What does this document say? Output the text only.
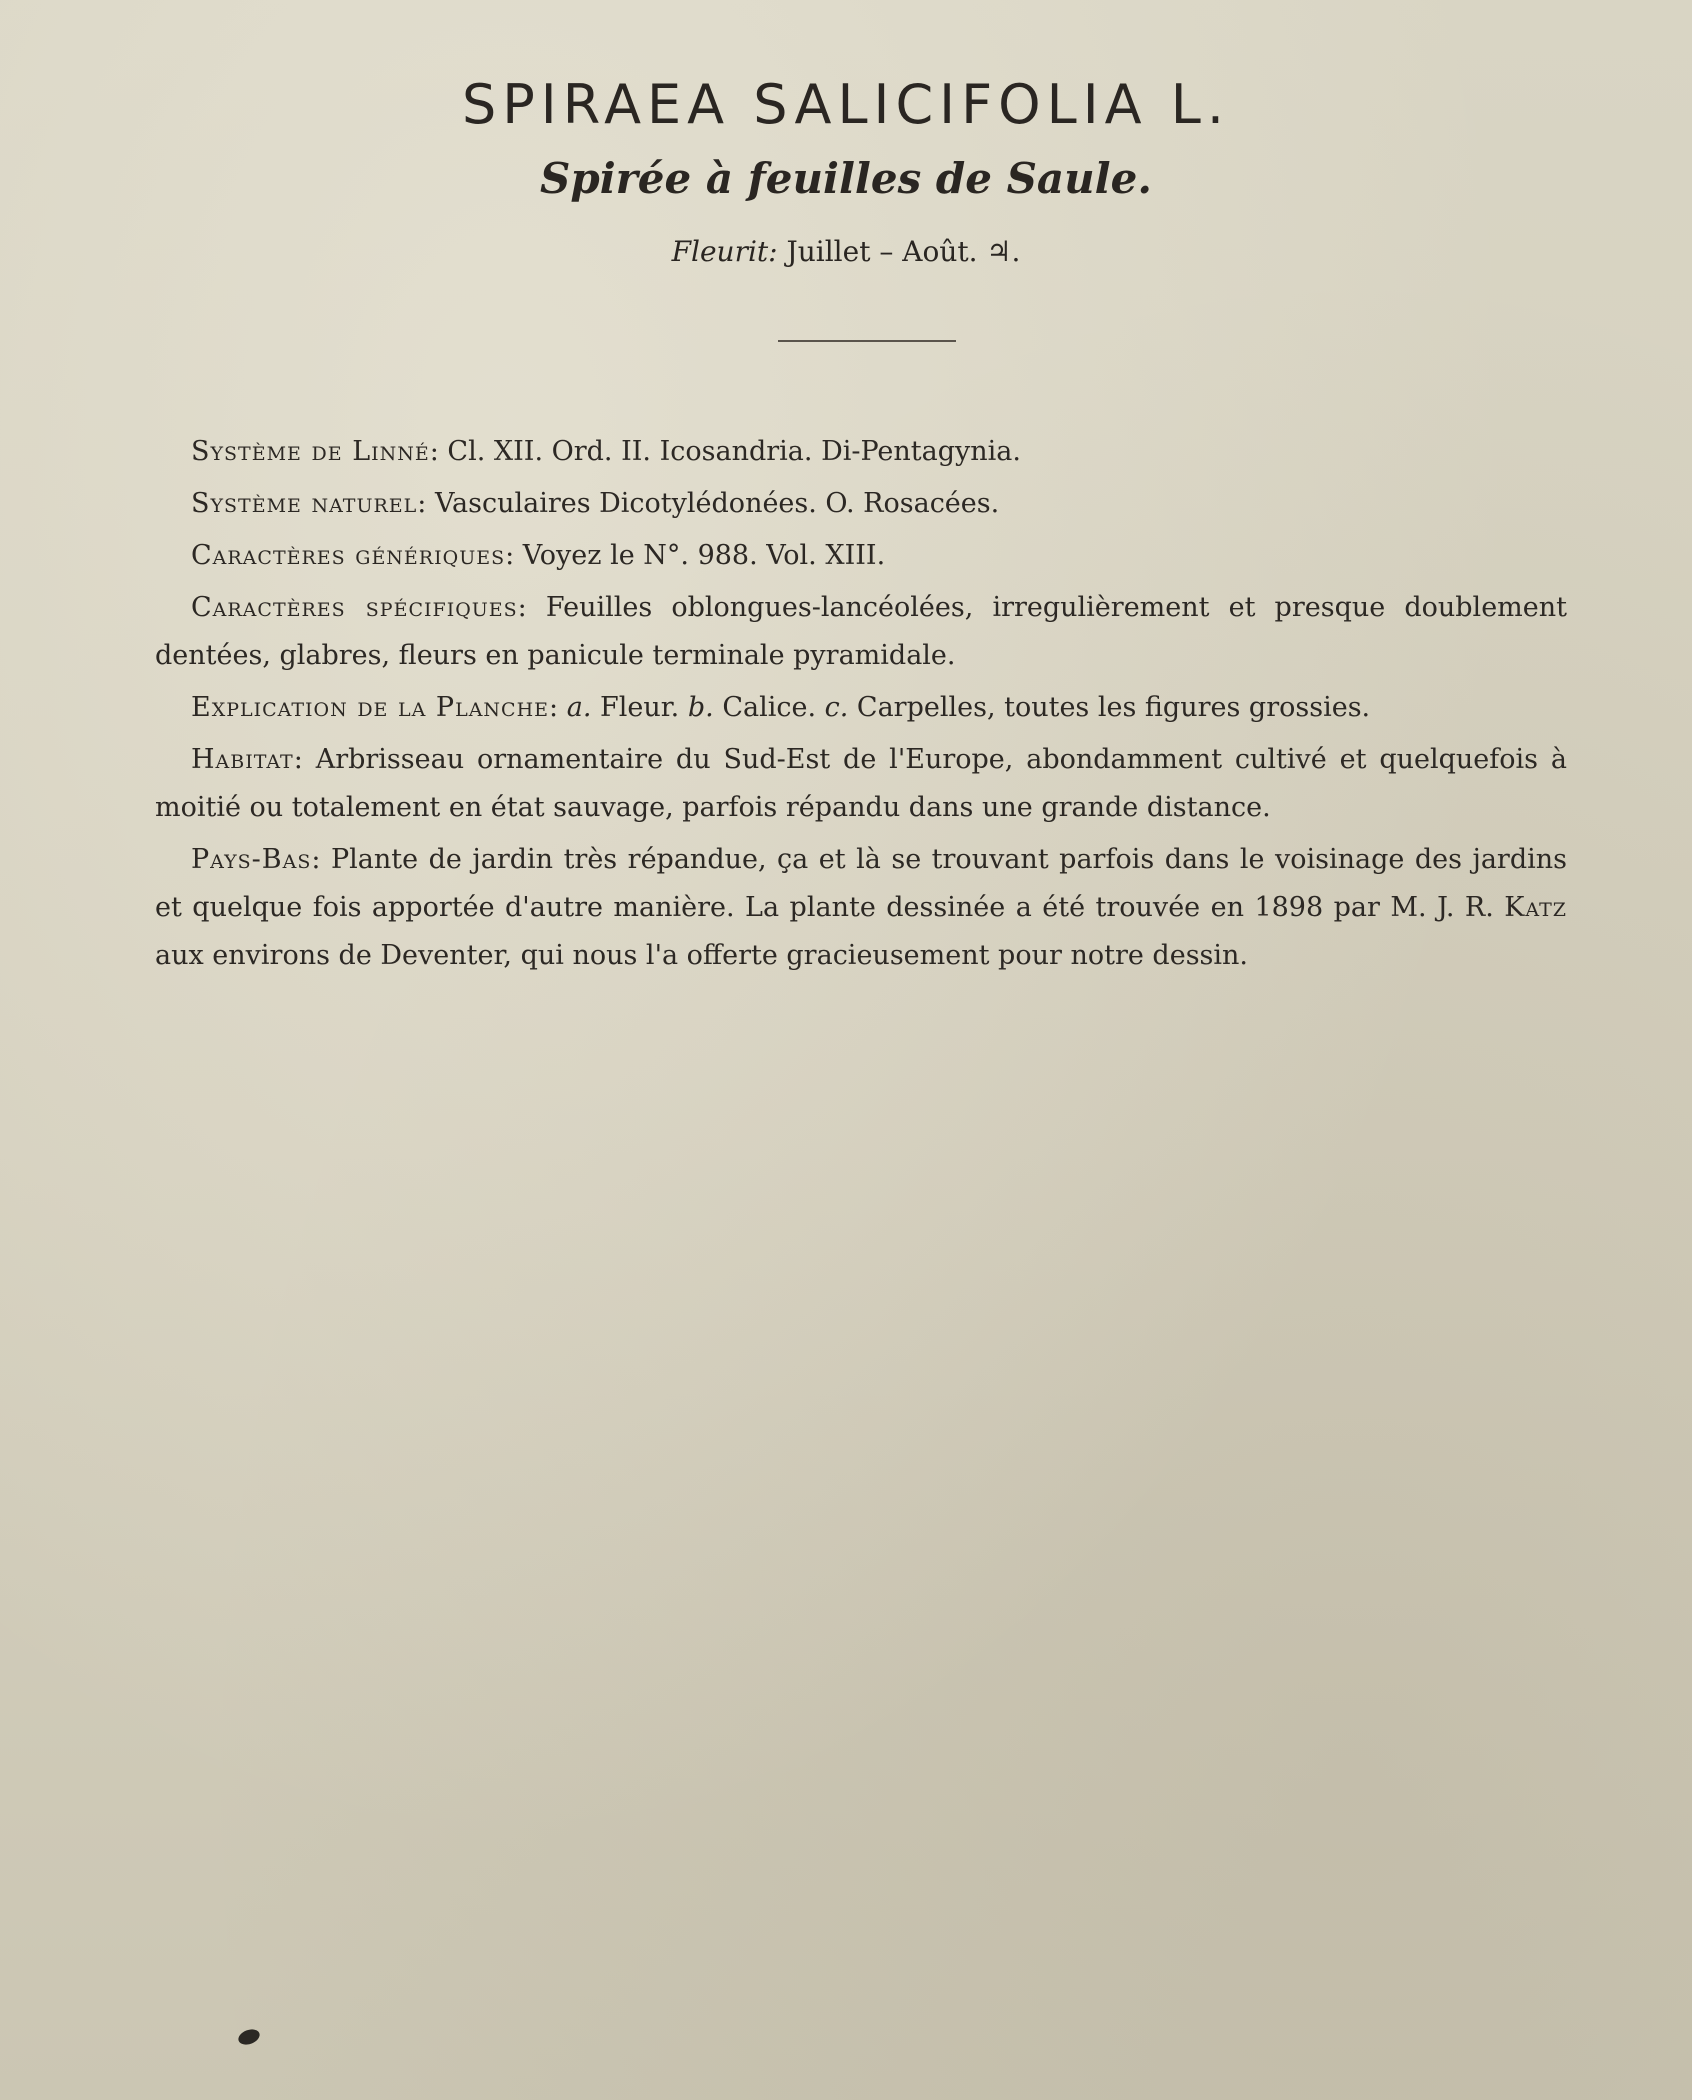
SPIRAEA SALICIFOLIA L.
Spirée à feuilles de Saule.
Fleurit: Juillet – Août. ♃.

Système de Linné: Cl. XII. Ord. II. Icosandria. Di-Pentagynia.

Système naturel: Vasculaires Dicotylédonées. O. Rosacées.

Caractères génériques: Voyez le N°. 988. Vol. XIII.

Caractères spécifiques: Feuilles oblongues-lancéolées, irregulièrement et presque doublement dentées, glabres, fleurs en panicule terminale pyramidale.

Explication de la Planche: a. Fleur. b. Calice. c. Carpelles, toutes les figures grossies.

Habitat: Arbrisseau ornamentaire du Sud-Est de l'Europe, abondamment cultivé et quelquefois à moitié ou totalement en état sauvage, parfois répandu dans une grande distance.

Pays-Bas: Plante de jardin très répandue, ça et là se trouvant parfois dans le voisinage des jardins et quelque fois apportée d'autre manière. La plante dessinée a été trouvée en 1898 par M. J. R. Katz aux environs de Deventer, qui nous l'a offerte gracieusement pour notre dessin.
